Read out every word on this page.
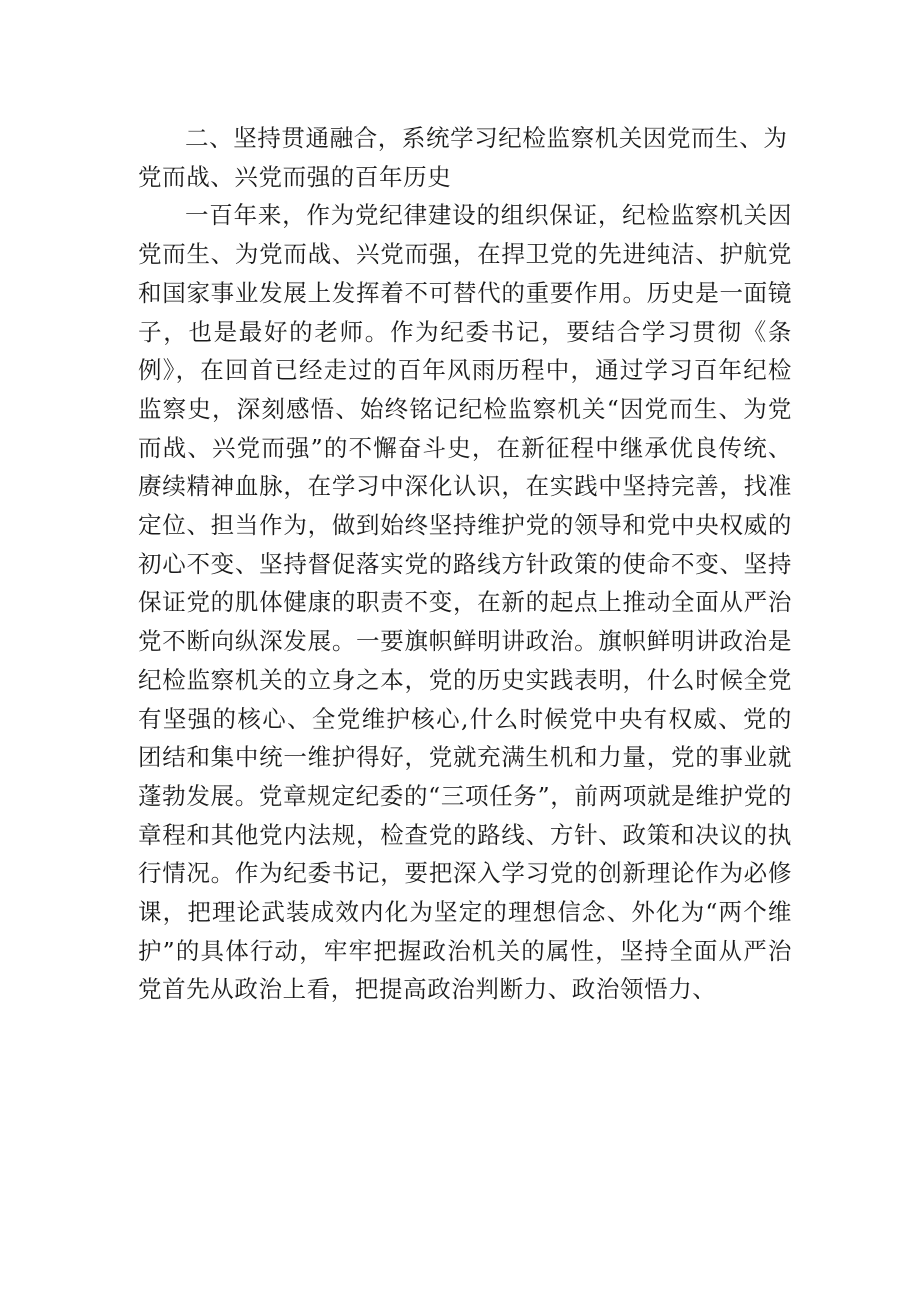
二、坚持贯通融合，系统学习纪检监察机关因党而生、为党而战、兴党而强的百年历史

一百年来，作为党纪律建设的组织保证，纪检监察机关因党而生、为党而战、兴党而强，在捍卫党的先进纯洁、护航党和国家事业发展上发挥着不可替代的重要作用。历史是一面镜子，也是最好的老师。作为纪委书记，要结合学习贯彻《条例》，在回首已经走过的百年风雨历程中，通过学习百年纪检监察史，深刻感悟、始终铭记纪检监察机关“因党而生、为党而战、兴党而强”的不懈奋斗史，在新征程中继承优良传统、赓续精神血脉，在学习中深化认识，在实践中坚持完善，找准定位、担当作为，做到始终坚持维护党的领导和党中央权威的初心不变、坚持督促落实党的路线方针政策的使命不变、坚持保证党的肌体健康的职责不变，在新的起点上推动全面从严治党不断向纵深发展。一要旗帜鲜明讲政治。旗帜鲜明讲政治是纪检监察机关的立身之本，党的历史实践表明，什么时候全党有坚强的核心、全党维护核心,什么时候党中央有权威、党的团结和集中统一维护得好，党就充满生机和力量，党的事业就蓬勃发展。党章规定纪委的“三项任务”，前两项就是维护党的章程和其他党内法规，检查党的路线、方针、政策和决议的执行情况。作为纪委书记，要把深入学习党的创新理论作为必修课，把理论武装成效内化为坚定的理想信念、外化为“两个维护”的具体行动，牢牢把握政治机关的属性，坚持全面从严治党首先从政治上看，把提高政治判断力、政治领悟力、
